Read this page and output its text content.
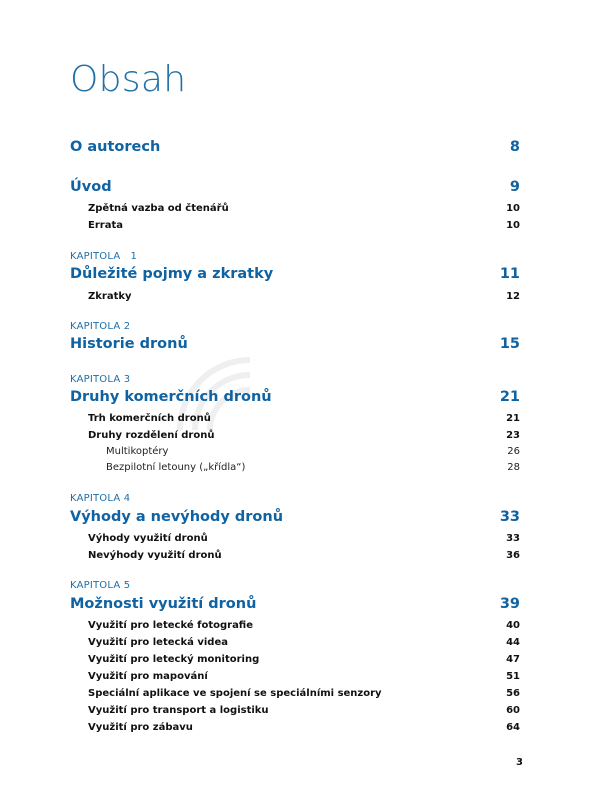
Obsah
O autorech	8
Úvod	9
Zpětná vazba od čtenářů	10
Errata	10
KAPITOLA   1
Důležité pojmy a zkratky	11
Zkratky	12
KAPITOLA 2
Historie dronů	15
KAPITOLA 3
Druhy komerčních dronů	21
Trh komerčních dronů	21
Druhy rozdělení dronů	23
Multikoptéry	26
Bezpilotní letouny („křídla“)	28
KAPITOLA 4
Výhody a nevýhody dronů	33
Výhody využití dronů	33
Nevýhody využití dronů	36
KAPITOLA 5
Možnosti využití dronů	39
Využití pro letecké fotografie	40
Využití pro letecká videa	44
Využití pro letecký monitoring	47
Využití pro mapování	51
Speciální aplikace ve spojení se speciálními senzory	56
Využití pro transport a logistiku	60
Využití pro zábavu	64
3
